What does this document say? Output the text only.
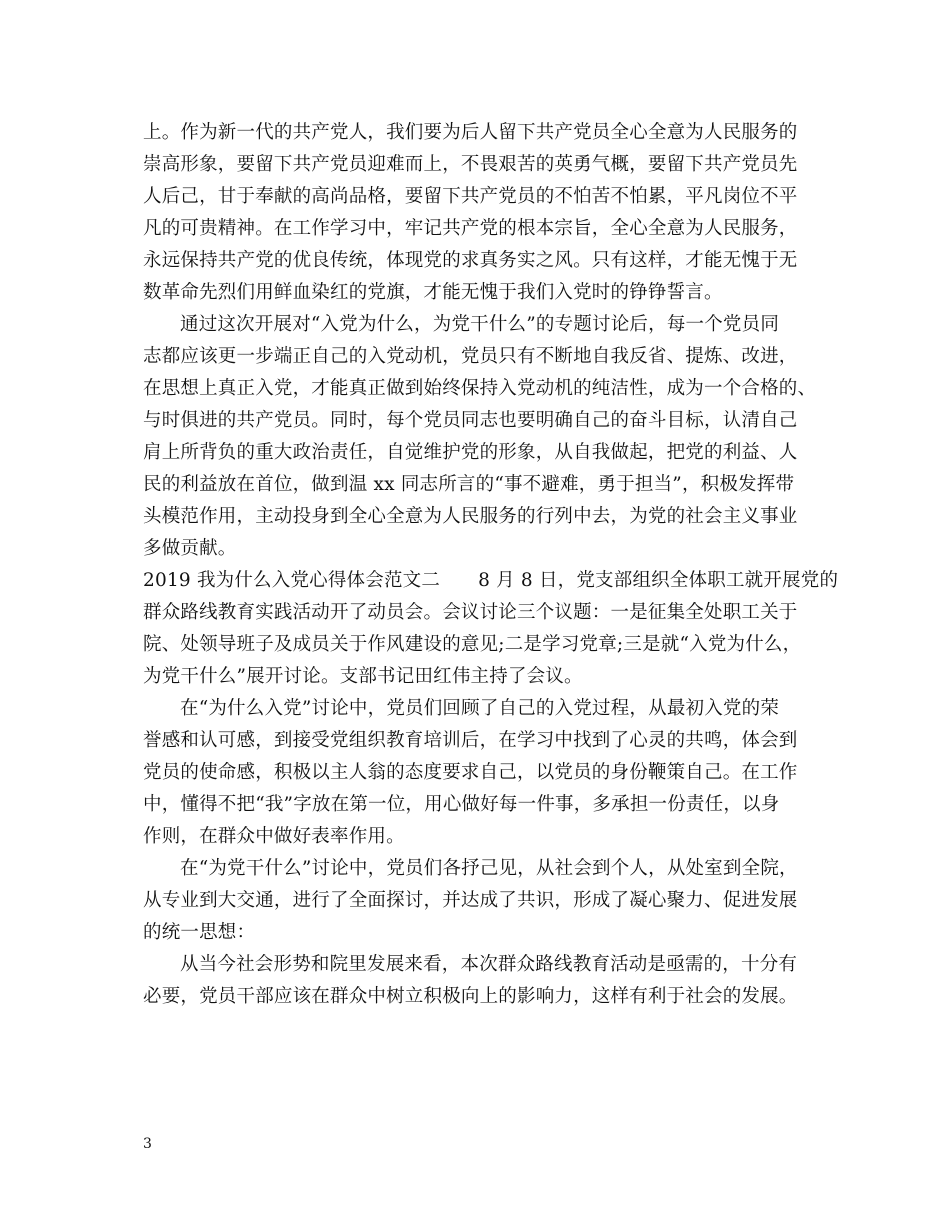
上。作为新一代的共产党人，我们要为后人留下共产党员全心全意为人民服务的
崇高形象，要留下共产党员迎难而上，不畏艰苦的英勇气概，要留下共产党员先
人后己，甘于奉献的高尚品格，要留下共产党员的不怕苦不怕累，平凡岗位不平
凡的可贵精神。在工作学习中，牢记共产党的根本宗旨，全心全意为人民服务，
永远保持共产党的优良传统，体现党的求真务实之风。只有这样，才能无愧于无
数革命先烈们用鲜血染红的党旗，才能无愧于我们入党时的铮铮誓言。
通过这次开展对“入党为什么，为党干什么”的专题讨论后，每一个党员同
志都应该更一步端正自己的入党动机，党员只有不断地自我反省、提炼、改进，
在思想上真正入党，才能真正做到始终保持入党动机的纯洁性，成为一个合格的、
与时俱进的共产党员。同时，每个党员同志也要明确自己的奋斗目标，认清自己
肩上所背负的重大政治责任，自觉维护党的形象，从自我做起，把党的利益、人
民的利益放在首位，做到温 xx 同志所言的“事不避难，勇于担当”，积极发挥带
头模范作用，主动投身到全心全意为人民服务的行列中去，为党的社会主义事业
多做贡献。
2019 我为什么入党心得体会范文二 8 月 8 日，党支部组织全体职工就开展党的
群众路线教育实践活动开了动员会。会议讨论三个议题：一是征集全处职工关于
院、处领导班子及成员关于作风建设的意见;二是学习党章;三是就“入党为什么，
为党干什么”展开讨论。支部书记田红伟主持了会议。
在“为什么入党”讨论中，党员们回顾了自己的入党过程，从最初入党的荣
誉感和认可感，到接受党组织教育培训后，在学习中找到了心灵的共鸣，体会到
党员的使命感，积极以主人翁的态度要求自己，以党员的身份鞭策自己。在工作
中，懂得不把“我”字放在第一位，用心做好每一件事，多承担一份责任，以身
作则，在群众中做好表率作用。
在“为党干什么”讨论中，党员们各抒己见，从社会到个人，从处室到全院，
从专业到大交通，进行了全面探讨，并达成了共识，形成了凝心聚力、促进发展
的统一思想：
从当今社会形势和院里发展来看，本次群众路线教育活动是亟需的，十分有
必要，党员干部应该在群众中树立积极向上的影响力，这样有利于社会的发展。
3
